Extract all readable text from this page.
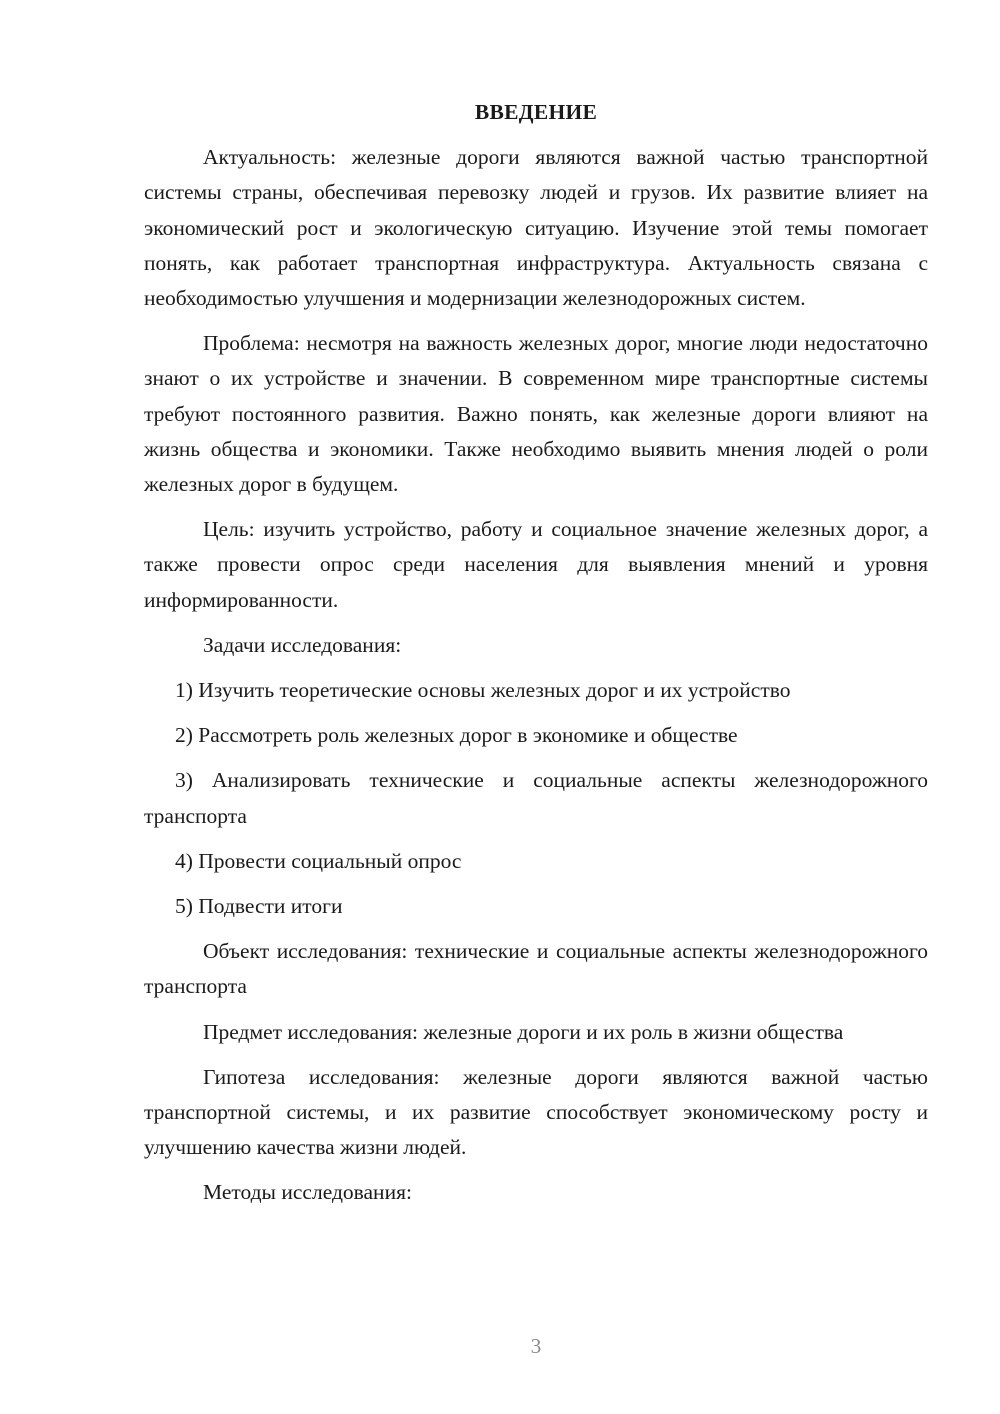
ВВЕДЕНИЕ
Актуальность: железные дороги являются важной частью транспортной системы страны, обеспечивая перевозку людей и грузов. Их развитие влияет на экономический рост и экологическую ситуацию. Изучение этой темы помогает понять, как работает транспортная инфраструктура. Актуальность связана с необходимостью улучшения и модернизации железнодорожных систем.
Проблема: несмотря на важность железных дорог, многие люди недостаточно знают о их устройстве и значении. В современном мире транспортные системы требуют постоянного развития. Важно понять, как железные дороги влияют на жизнь общества и экономики. Также необходимо выявить мнения людей о роли железных дорог в будущем.
Цель: изучить устройство, работу и социальное значение железных дорог, а также провести опрос среди населения для выявления мнений и уровня информированности.
Задачи исследования:
1) Изучить теоретические основы железных дорог и их устройство
2) Рассмотреть роль железных дорог в экономике и обществе
3) Анализировать технические и социальные аспекты железнодорожного транспорта
4) Провести социальный опрос
5) Подвести итоги
Объект исследования: технические и социальные аспекты железнодорожного транспорта
Предмет исследования: железные дороги и их роль в жизни общества
Гипотеза исследования: железные дороги являются важной частью транспортной системы, и их развитие способствует экономическому росту и улучшению качества жизни людей.
Методы исследования:
3
